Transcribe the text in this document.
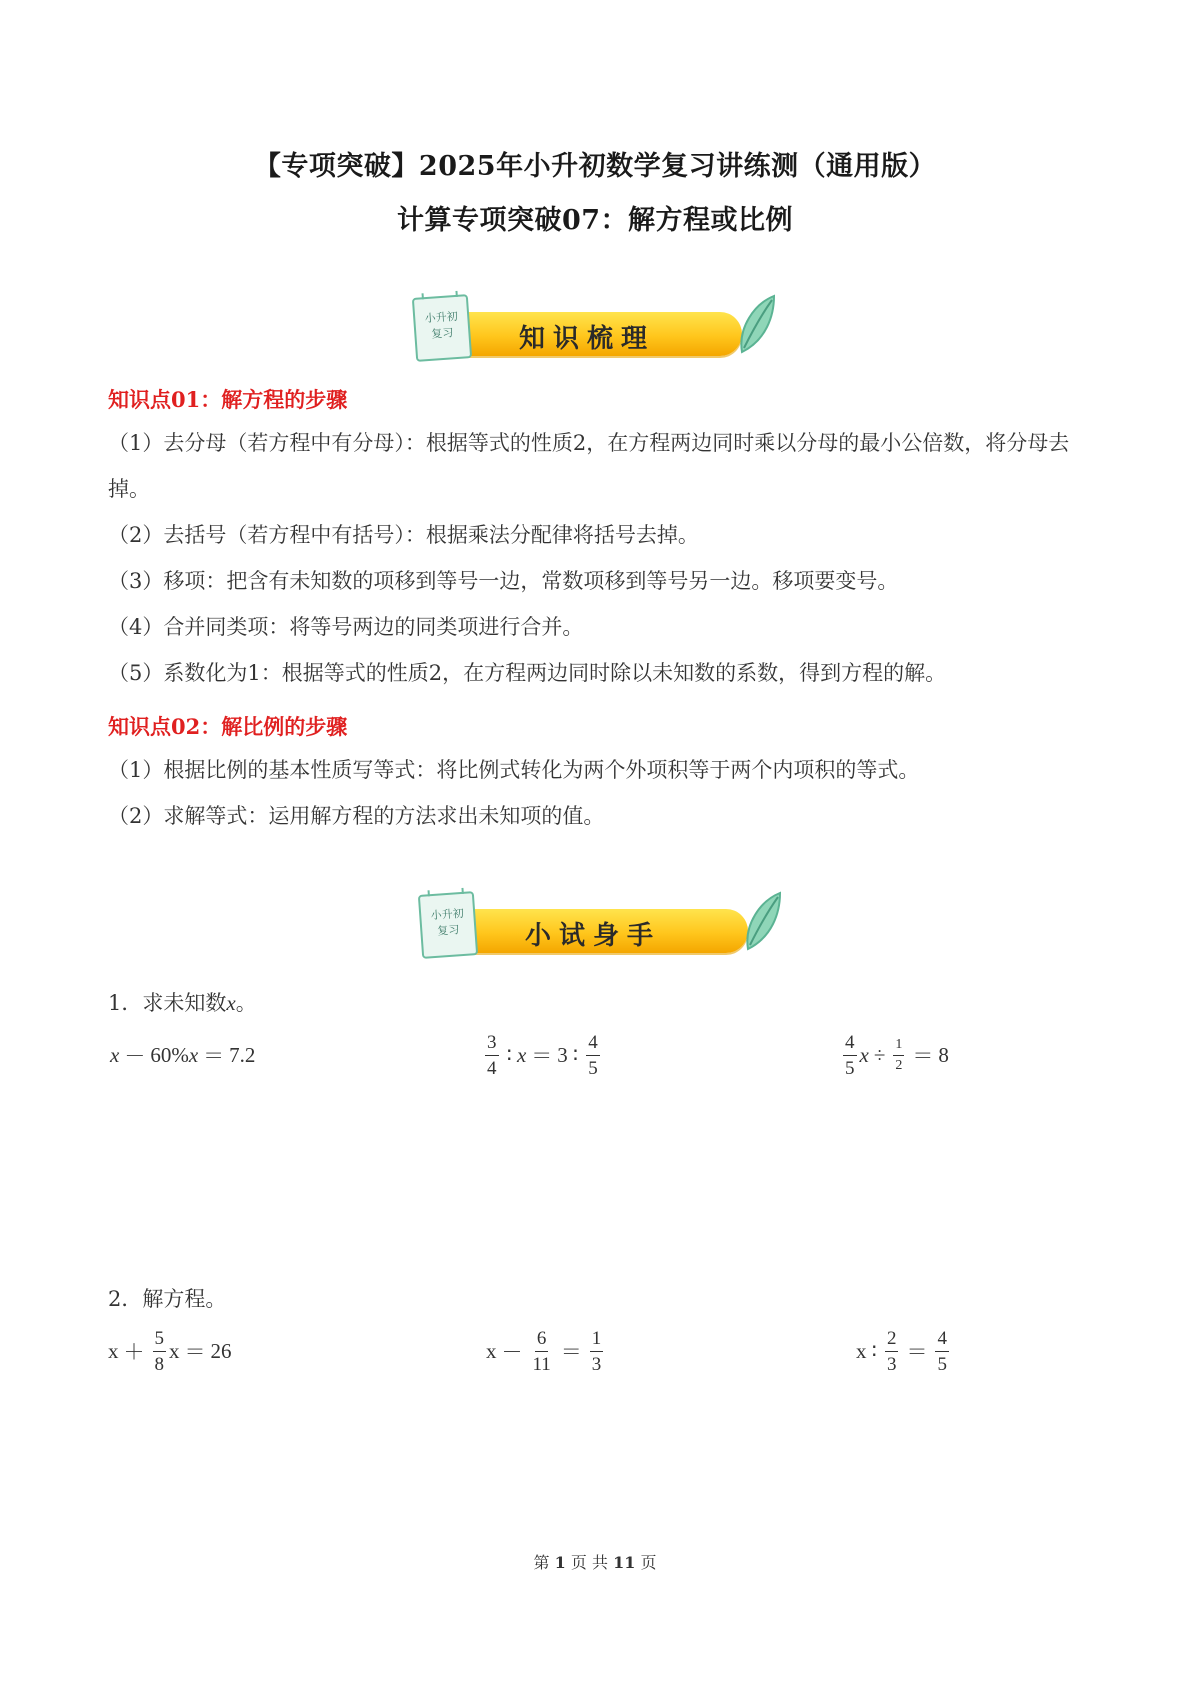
【专项突破】2025年小升初数学复习讲练测（通用版）
计算专项突破07：解方程或比例
知识梳理
小升初
复习
知识点01：解方程的步骤
（1）去分母（若方程中有分母）：根据等式的性质2，在方程两边同时乘以分母的最小公倍数，将分母去掉。
（2）去括号（若方程中有括号）：根据乘法分配律将括号去掉。
（3）移项：把含有未知数的项移到等号一边，常数项移到等号另一边。移项要变号。
（4）合并同类项：将等号两边的同类项进行合并。
（5）系数化为1：根据等式的性质2，在方程两边同时除以未知数的系数，得到方程的解。
知识点02：解比例的步骤
（1）根据比例的基本性质写等式：将比例式转化为两个外项积等于两个内项积的等式。
（2）求解等式：运用解方程的方法求出未知项的值。
小试身手
小升初
复习
1．求未知数x。
x － 60% x ＝ 7.2	$\frac{3}{4}$ ∶ x ＝ 3 ∶ $\frac{4}{5}$	$\frac{4}{5}$ $x \div \frac{1}{2} = 8$
2．解方程。
$x + \frac{5}{8}$ x ＝ 26	$x - \frac{6}{11} = \frac{1}{3}$	x ∶ $\frac{2}{3} = \frac{4}{5}$
第 1 页 共 11 页
